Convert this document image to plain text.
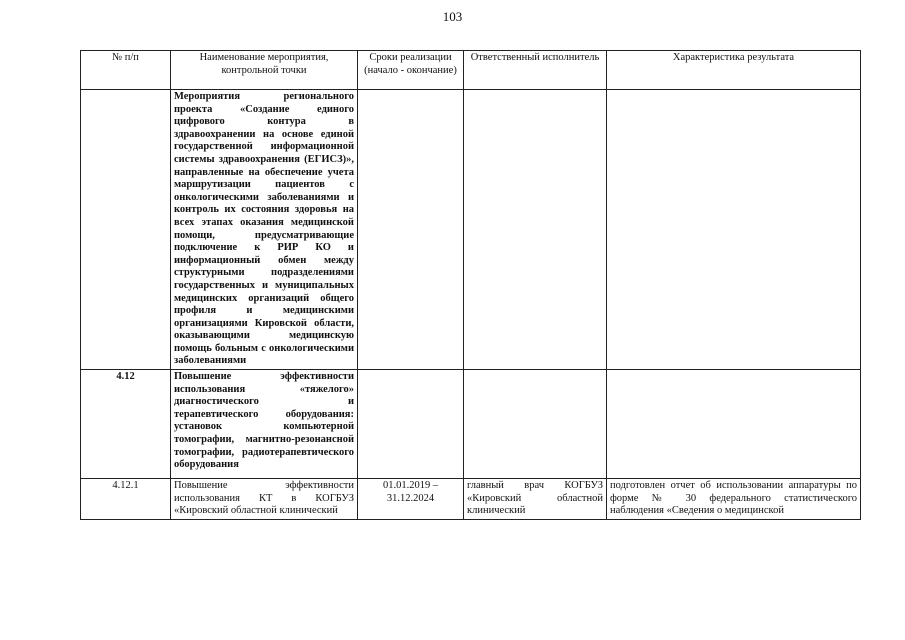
103
№ п/п	Наименование мероприятия, контрольной точки	Сроки реализации (начало - окончание)	Ответственный исполнитель	Характеристика результата
	Мероприятия регионального проекта «Создание единого цифрового контура в здравоохранении на основе единой государственной информационной системы здравоохранения (ЕГИСЗ)», направленные на обеспечение учета маршрутизации пациентов с онкологическими заболеваниями и контроль их состояния здоровья на всех этапах оказания медицинской помощи, предусматривающие подключение к РИР КО и информационный обмен между структурными подразделениями государственных и муниципальных медицинских организаций общего профиля и медицинскими организациями Кировской области, оказывающими медицинскую помощь больным с онкологическими заболеваниями			
4.12	Повышение эффективности использования «тяжелого» диагностического и терапевтического оборудования: установок компьютерной томографии, магнитно-резонансной томографии, радиотерапевтического оборудования			
4.12.1	Повышение эффективности использования КТ в КОГБУЗ «Кировский областной клинический	01.01.2019 – 31.12.2024	главный врач КОГБУЗ «Кировский областной клинический	подготовлен отчет об использовании аппаратуры по форме № 30 федерального статистического наблюдения «Сведения о медицинской
